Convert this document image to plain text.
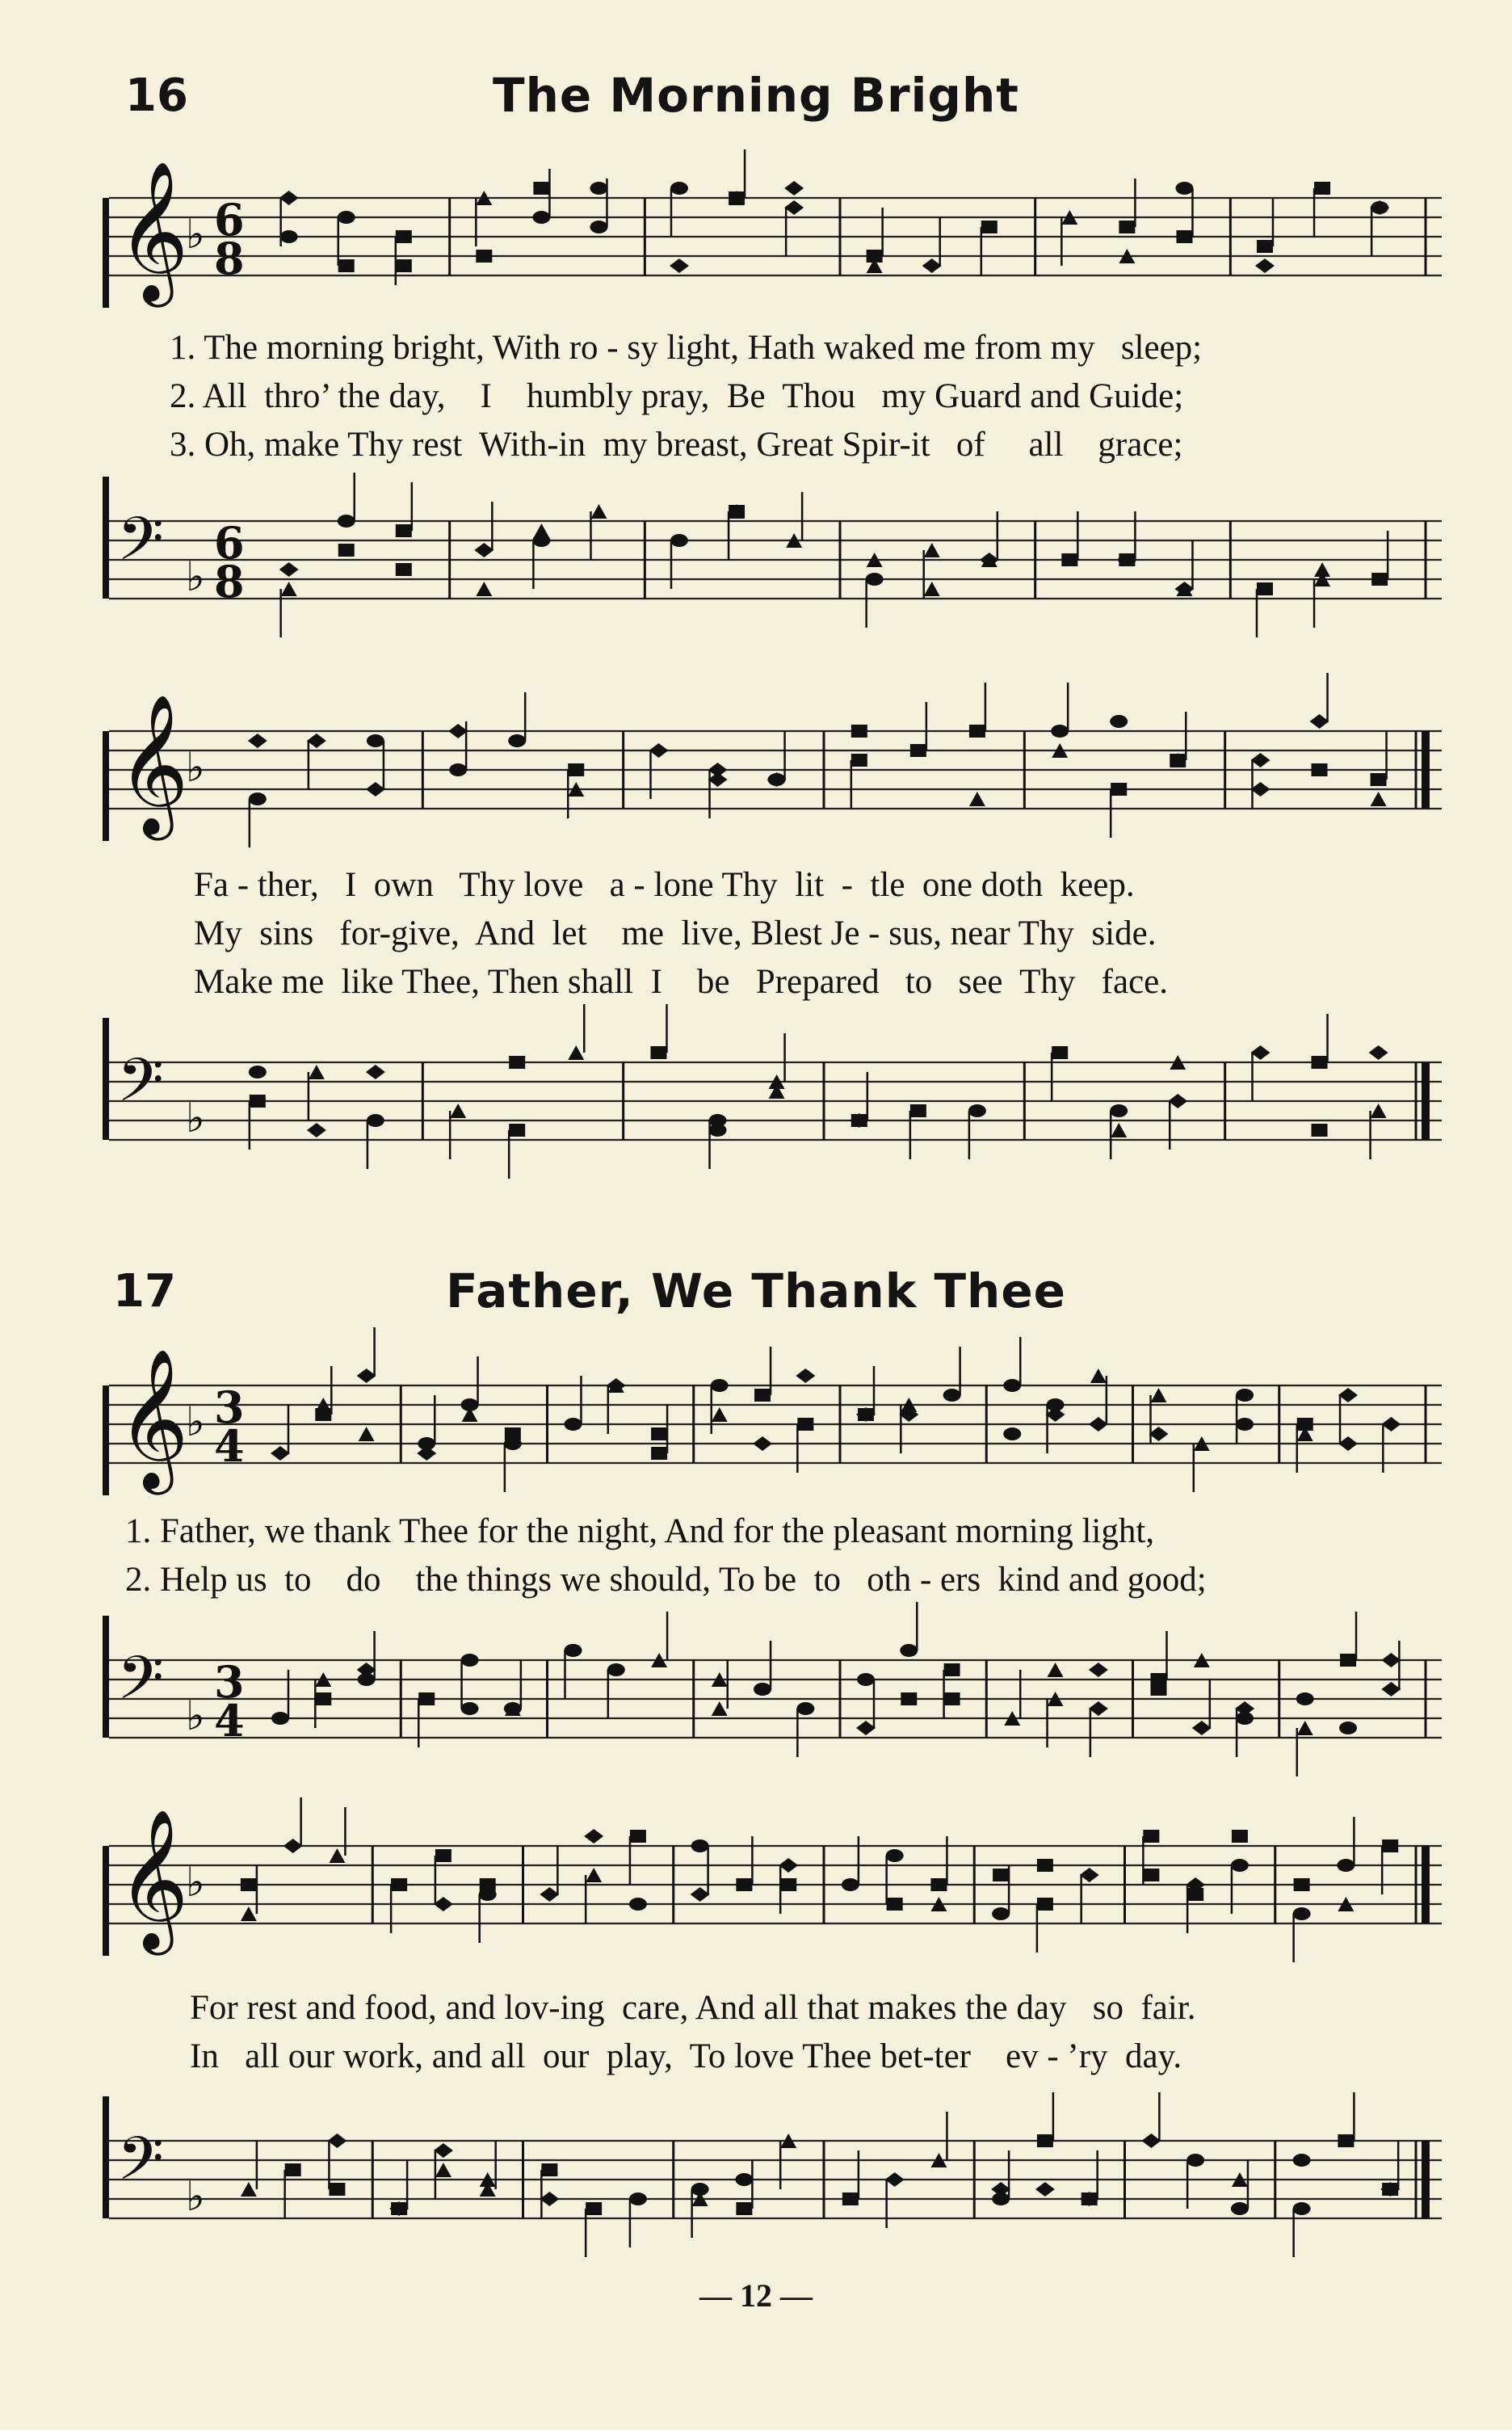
16	The Morning Bright
𝄞
♭ 6
8
1. The morning bright, With ro - sy light, Hath waked me from my   sleep;
2. All  thro’ the day,    I    humbly pray,  Be  Thou   my Guard and Guide;
3. Oh, make Thy rest  With-in  my breast, Great Spir-it   of     all    grace;
𝄢 ♭
6
8
𝄞
♭
Fa - ther,   I  own   Thy love   a - lone Thy  lit  -  tle  one doth  keep.
My  sins   for-give,  And  let    me  live, Blest Je - sus, near Thy  side.
Make me  like Thee, Then shall  I    be   Prepared   to   see  Thy   face.
𝄢 ♭
17	Father, We Thank Thee
𝄞
♭ 3
4
1. Father, we thank Thee for the night, And for the pleasant morning light,
2. Help us  to    do    the things we should, To be  to   oth - ers  kind and good;
𝄢 ♭
3
4
𝄞
♭
For rest and food, and lov-ing  care, And all that makes the day   so  fair.
In   all our work, and all  our  play,  To love Thee bet-ter    ev - ’ry  day.
𝄢 ♭
— 12 —
